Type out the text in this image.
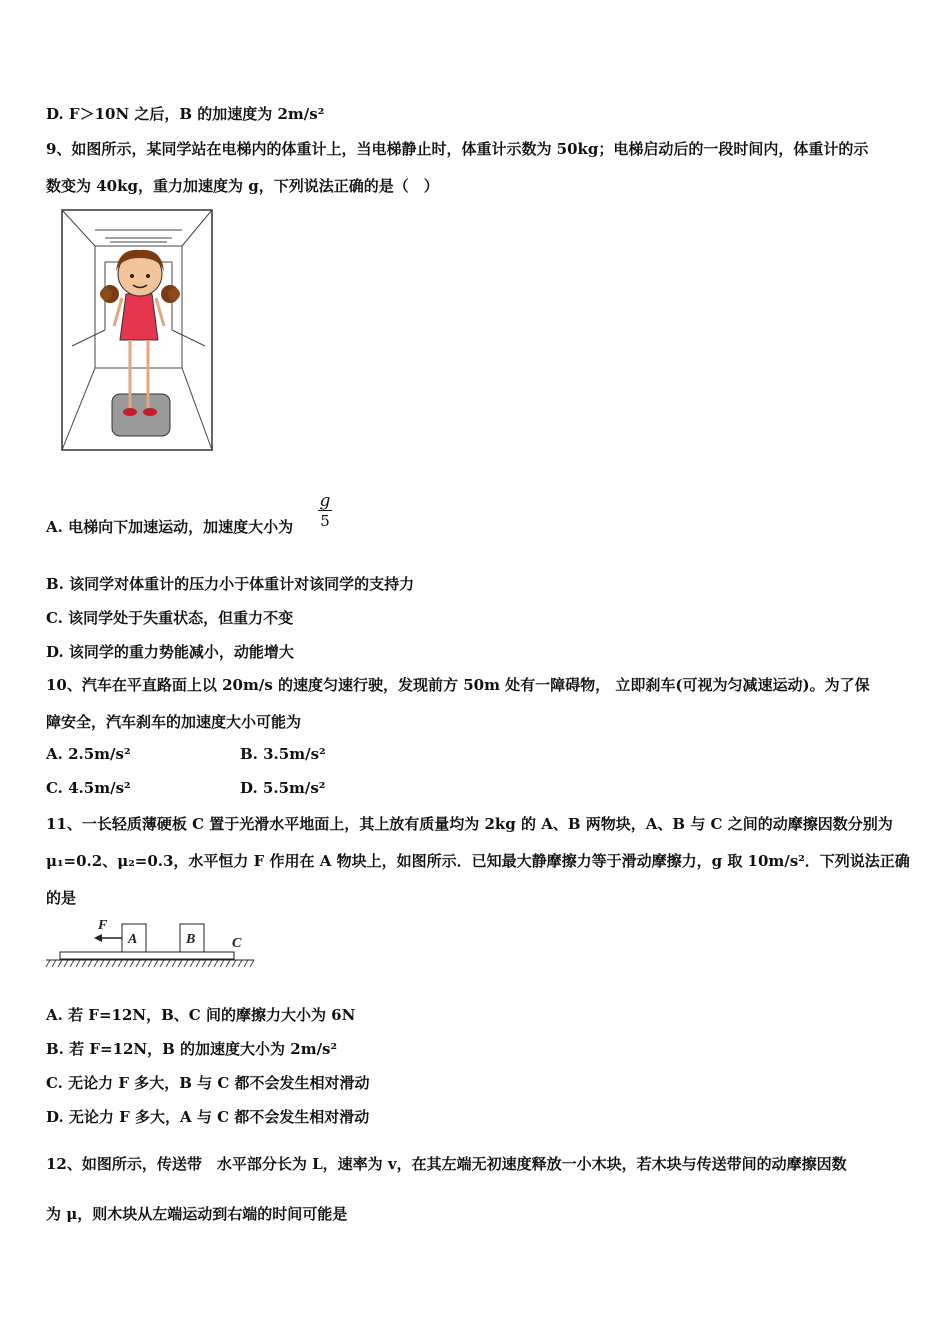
D. F＞10N 之后，B 的加速度为 2m/s²
9、如图所示，某同学站在电梯内的体重计上，当电梯静止时，体重计示数为 50kg；电梯启动后的一段时间内，体重计的示
数变为 40kg，重力加速度为 g，下列说法正确的是（　）
A. 电梯向下加速运动，加速度大小为 $\frac{g}{5}$
B. 该同学对体重计的压力小于体重计对该同学的支持力
C. 该同学处于失重状态，但重力不变
D. 该同学的重力势能减小，动能增大
10、汽车在平直路面上以 20m/s 的速度匀速行驶，发现前方 50m 处有一障碍物， 立即刹车(可视为匀减速运动)。为了保
障安全，汽车刹车的加速度大小可能为
A. 2.5m/s²	B. 3.5m/s²
C. 4.5m/s²	D. 5.5m/s²
11、一长轻质薄硬板 C 置于光滑水平地面上，其上放有质量均为 2kg 的 A、B 两物块，A、B 与 C 之间的动摩擦因数分别为
μ₁=0.2、μ₂=0.3，水平恒力 F 作用在 A 物块上，如图所示．已知最大静摩擦力等于滑动摩擦力，g 取 10m/s²．下列说法正确
的是
F
A	B	C
A. 若 F=12N，B、C 间的摩擦力大小为 6N
B. 若 F=12N，B 的加速度大小为 2m/s²
C. 无论力 F 多大，B 与 C 都不会发生相对滑动
D. 无论力 F 多大，A 与 C 都不会发生相对滑动
12、如图所示，传送带　水平部分长为 L，速率为 v，在其左端无初速度释放一小木块，若木块与传送带间的动摩擦因数
为 μ，则木块从左端运动到右端的时间可能是
